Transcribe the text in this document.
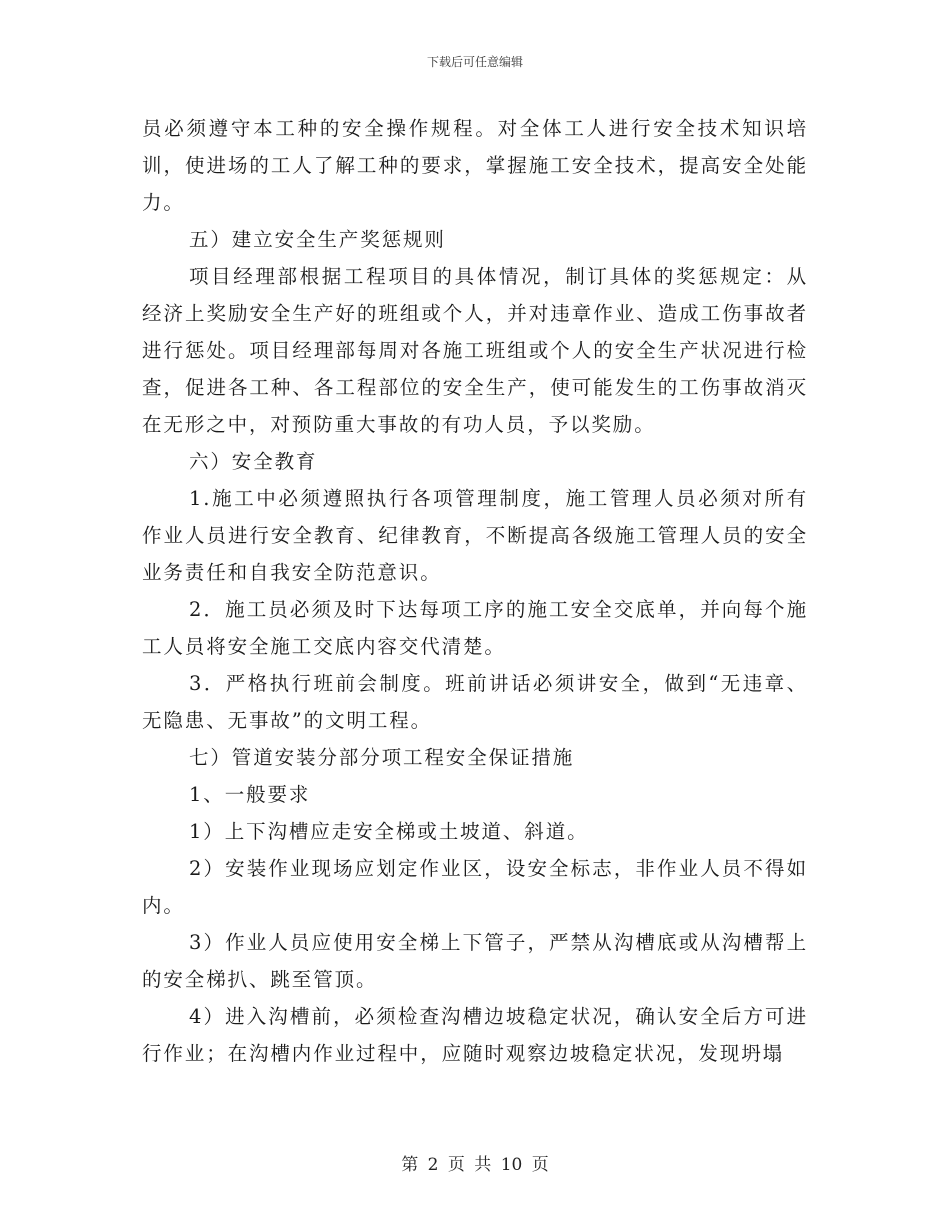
下载后可任意编辑

员必须遵守本工种的安全操作规程。对全体工人进行安全技术知识培训，使进场的工人了解工种的要求，掌握施工安全技术，提高安全处能力。

五）建立安全生产奖惩规则

项目经理部根据工程项目的具体情况，制订具体的奖惩规定：从经济上奖励安全生产好的班组或个人，并对违章作业、造成工伤事故者进行惩处。项目经理部每周对各施工班组或个人的安全生产状况进行检查，促进各工种、各工程部位的安全生产，使可能发生的工伤事故消灭在无形之中，对预防重大事故的有功人员，予以奖励。

六）安全教育

1.施工中必须遵照执行各项管理制度，施工管理人员必须对所有作业人员进行安全教育、纪律教育，不断提高各级施工管理人员的安全业务责任和自我安全防范意识。

2．施工员必须及时下达每项工序的施工安全交底单，并向每个施工人员将安全施工交底内容交代清楚。

3．严格执行班前会制度。班前讲话必须讲安全，做到“无违章、无隐患、无事故”的文明工程。

七）管道安装分部分项工程安全保证措施

1、一般要求

1）上下沟槽应走安全梯或土坡道、斜道。

2）安装作业现场应划定作业区，设安全标志，非作业人员不得如内。

3）作业人员应使用安全梯上下管子，严禁从沟槽底或从沟槽帮上的安全梯扒、跳至管顶。

4）进入沟槽前，必须检查沟槽边坡稳定状况，确认安全后方可进行作业；在沟槽内作业过程中，应随时观察边坡稳定状况，发现坍塌

第 2 页 共 10 页
